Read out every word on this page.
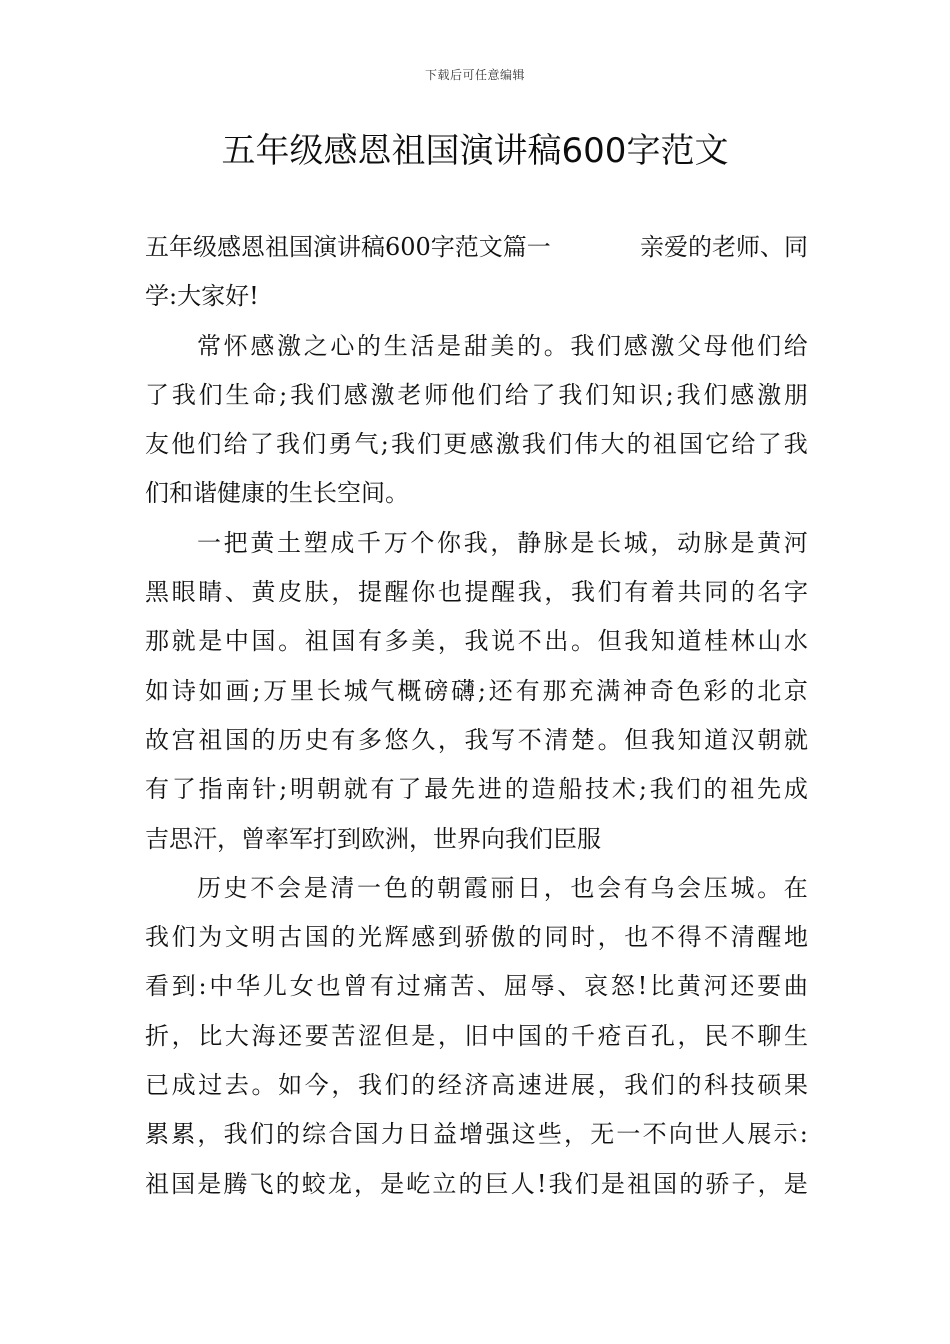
下载后可任意编辑
五年级感恩祖国演讲稿600字范文
五年级感恩祖国演讲稿600字范文篇一	亲爱的老师、同
学:大家好!
常 怀 感 激 之 心 的 生 活 是 甜 美 的 。 我 们 感 激 父 母 他 们 给
了 我 们 生 命 ; 我 们 感 激 老 师 他 们 给 了 我 们 知 识 ; 我 们 感 激 朋
友 他 们 给 了 我 们 勇 气 ; 我 们 更 感 激 我 们 伟 大 的 祖 国 它 给 了 我
们和谐健康的生长空间。
一 把 黄 土 塑 成 千 万 个 你 我 ， 静 脉 是 长 城 ， 动 脉 是 黄 河
黑 眼 睛 、 黄 皮 肤 ， 提 醒 你 也 提 醒 我 ， 我 们 有 着 共 同 的 名 字
那 就 是 中 国 。 祖 国 有 多 美 ， 我 说 不 出 。 但 我 知 道 桂 林 山 水
如 诗 如 画 ; 万 里 长 城 气 概 磅 礴 ; 还 有 那 充 满 神 奇 色 彩 的 北 京
故 宫 祖 国 的 历 史 有 多 悠 久 ， 我 写 不 清 楚 。 但 我 知 道 汉 朝 就
有 了 指 南 针 ; 明 朝 就 有 了 最 先 进 的 造 船 技 术 ; 我 们 的 祖 先 成
吉思汗，曾率军打到欧洲，世界向我们臣服
历 史 不 会 是 清 一 色 的 朝 霞 丽 日 ， 也 会 有 乌 会 压 城 。 在
我 们 为 文 明 古 国 的 光 辉 感 到 骄 傲 的 同 时 ， 也 不 得 不 清 醒 地
看 到 : 中 华 儿 女 也 曾 有 过 痛 苦 、 屈 辱 、 哀 怒 ! 比 黄 河 还 要 曲
折 ， 比 大 海 还 要 苦 涩 但 是 ， 旧 中 国 的 千 疮 百 孔 ， 民 不 聊 生
已 成 过 去 。 如 今 ， 我 们 的 经 济 高 速 进 展 ， 我 们 的 科 技 硕 果
累 累 ， 我 们 的 综 合 国 力 日 益 增 强 这 些 ， 无 一 不 向 世 人 展 示 :
祖 国 是 腾 飞 的 蛟 龙 ， 是 屹 立 的 巨 人 ! 我 们 是 祖 国 的 骄 子 ， 是
